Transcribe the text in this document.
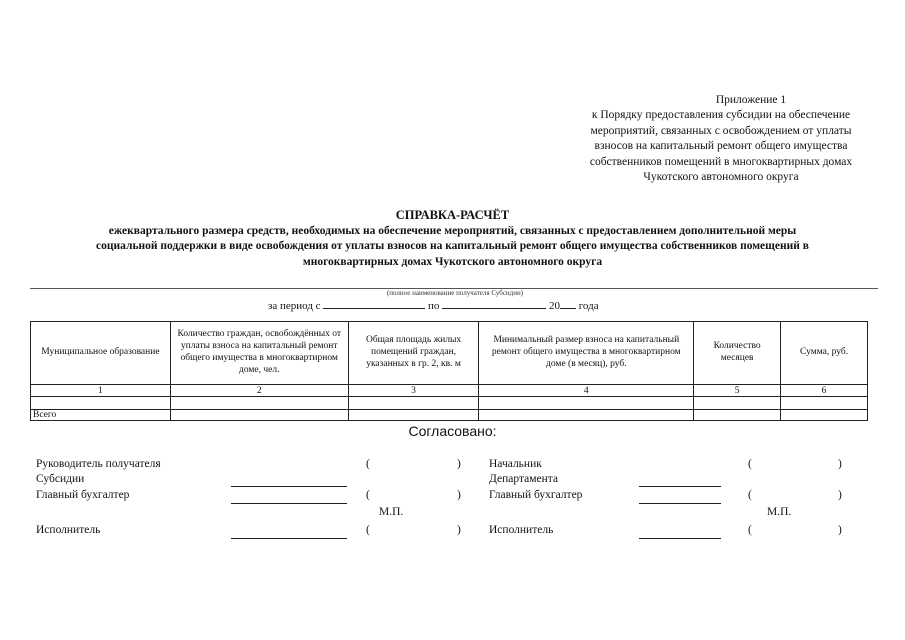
Приложение 1
к Порядку предоставления субсидии на обеспечение
мероприятий, связанных с освобождением от уплаты
взносов на капитальный ремонт общего имущества
собственников помещений в многоквартирных домах
Чукотского автономного округа
СПРАВКА-РАСЧЁТ
ежеквартального размера средств, необходимых на обеспечение мероприятий, связанных с предоставлением дополнительной меры
социальной поддержки в виде освобождения от уплаты взносов на капитальный ремонт общего имущества собственников помещений в
многоквартирных домах Чукотского автономного округа
(полное наименование получателя Субсидии)
за период с	по	20 года
Муниципальное образование	Количество граждан, освобождённых от уплаты взноса на капитальный ремонт общего имущества в многоквартирном доме, чел.	Общая площадь жилых помещений граждан, указанных в гр. 2, кв. м	Минимальный размер взноса на капитальный ремонт общего имущества в многоквартирном доме (в месяц), руб.	Количество месяцев	Сумма, руб.
1	2	3	4	5	6

Всего					
Согласовано:
Руководитель получателя
Субсидии
(	)
Главный бухгалтер	(	)
М.П.
Исполнитель	(	)
Начальник
Департамента
(	)
Главный бухгалтер	(	)
М.П.
Исполнитель	(	)
